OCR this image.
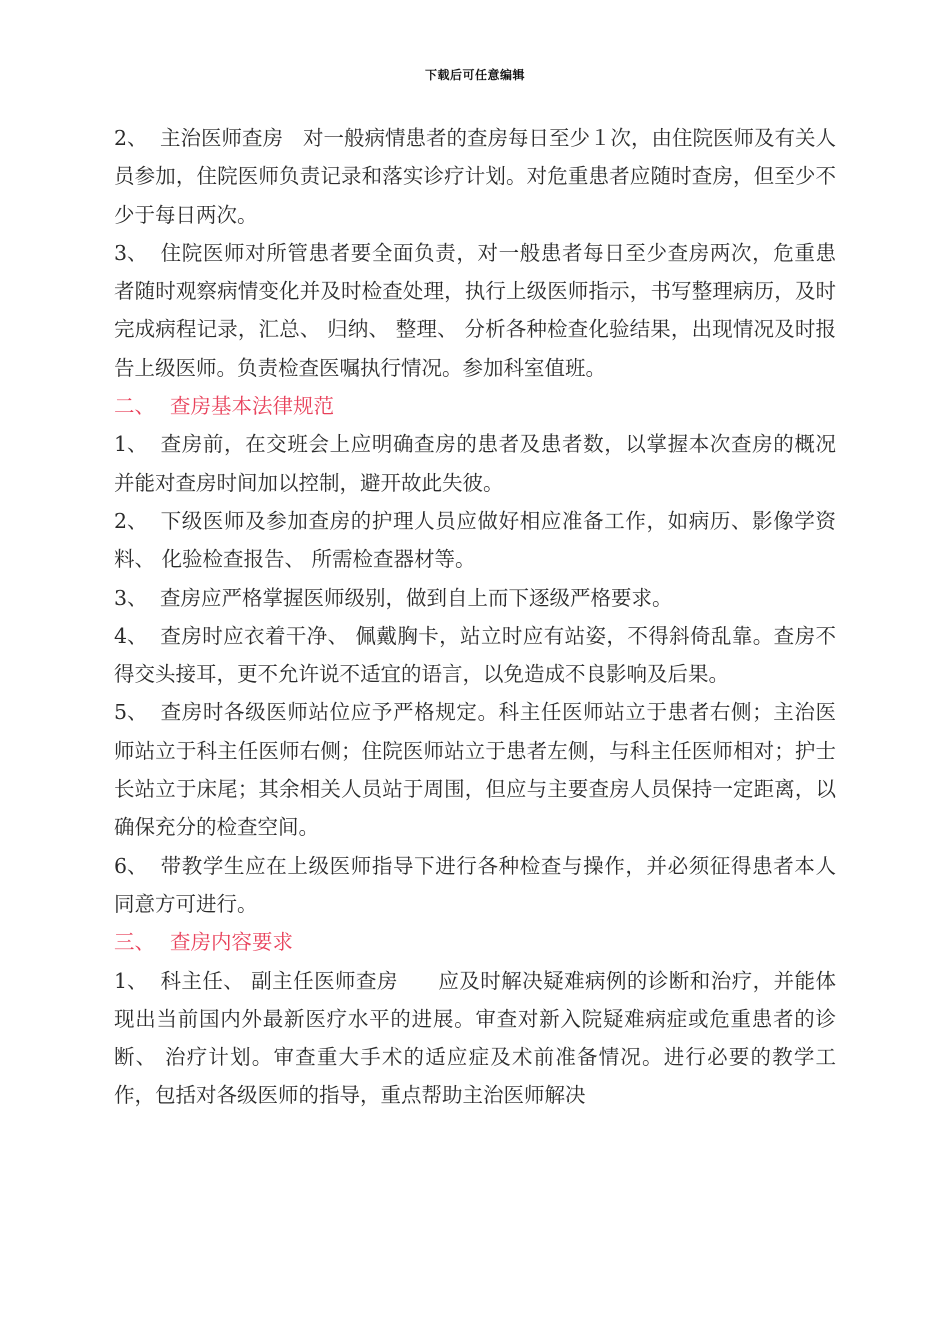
下载后可任意编辑

2、 主治医师查房 对一般病情患者的查房每日至少１次，由住院医师及有关人员参加，住院医师负责记录和落实诊疗计划。对危重患者应随时查房，但至少不少于每日两次。

3、 住院医师对所管患者要全面负责，对一般患者每日至少查房两次，危重患者随时观察病情变化并及时检查处理，执行上级医师指示，书写整理病历，及时完成病程记录，汇总、 归纳、 整理、 分析各种检查化验结果，出现情况及时报告上级医师。负责检查医嘱执行情况。参加科室值班。

二、 查房基本法律规范

1、 查房前，在交班会上应明确查房的患者及患者数，以掌握本次查房的概况并能对查房时间加以控制，避开故此失彼。

2、 下级医师及参加查房的护理人员应做好相应准备工作，如病历、影像学资料、 化验检查报告、 所需检查器材等。

3、 查房应严格掌握医师级别，做到自上而下逐级严格要求。

4、 查房时应衣着干净、 佩戴胸卡，站立时应有站姿，不得斜倚乱靠。查房不得交头接耳，更不允许说不适宜的语言，以免造成不良影响及后果。

5、 查房时各级医师站位应予严格规定。科主任医师站立于患者右侧；主治医师站立于科主任医师右侧；住院医师站立于患者左侧，与科主任医师相对；护士长站立于床尾；其余相关人员站于周围，但应与主要查房人员保持一定距离，以确保充分的检查空间。

6、 带教学生应在上级医师指导下进行各种检查与操作，并必须征得患者本人同意方可进行。

三、 查房内容要求

1、 科主任、 副主任医师查房 应及时解决疑难病例的诊断和治疗，并能体现出当前国内外最新医疗水平的进展。审查对新入院疑难病症或危重患者的诊断、 治疗计划。审查重大手术的适应症及术前准备情况。进行必要的教学工作，包括对各级医师的指导，重点帮助主治医师解决
